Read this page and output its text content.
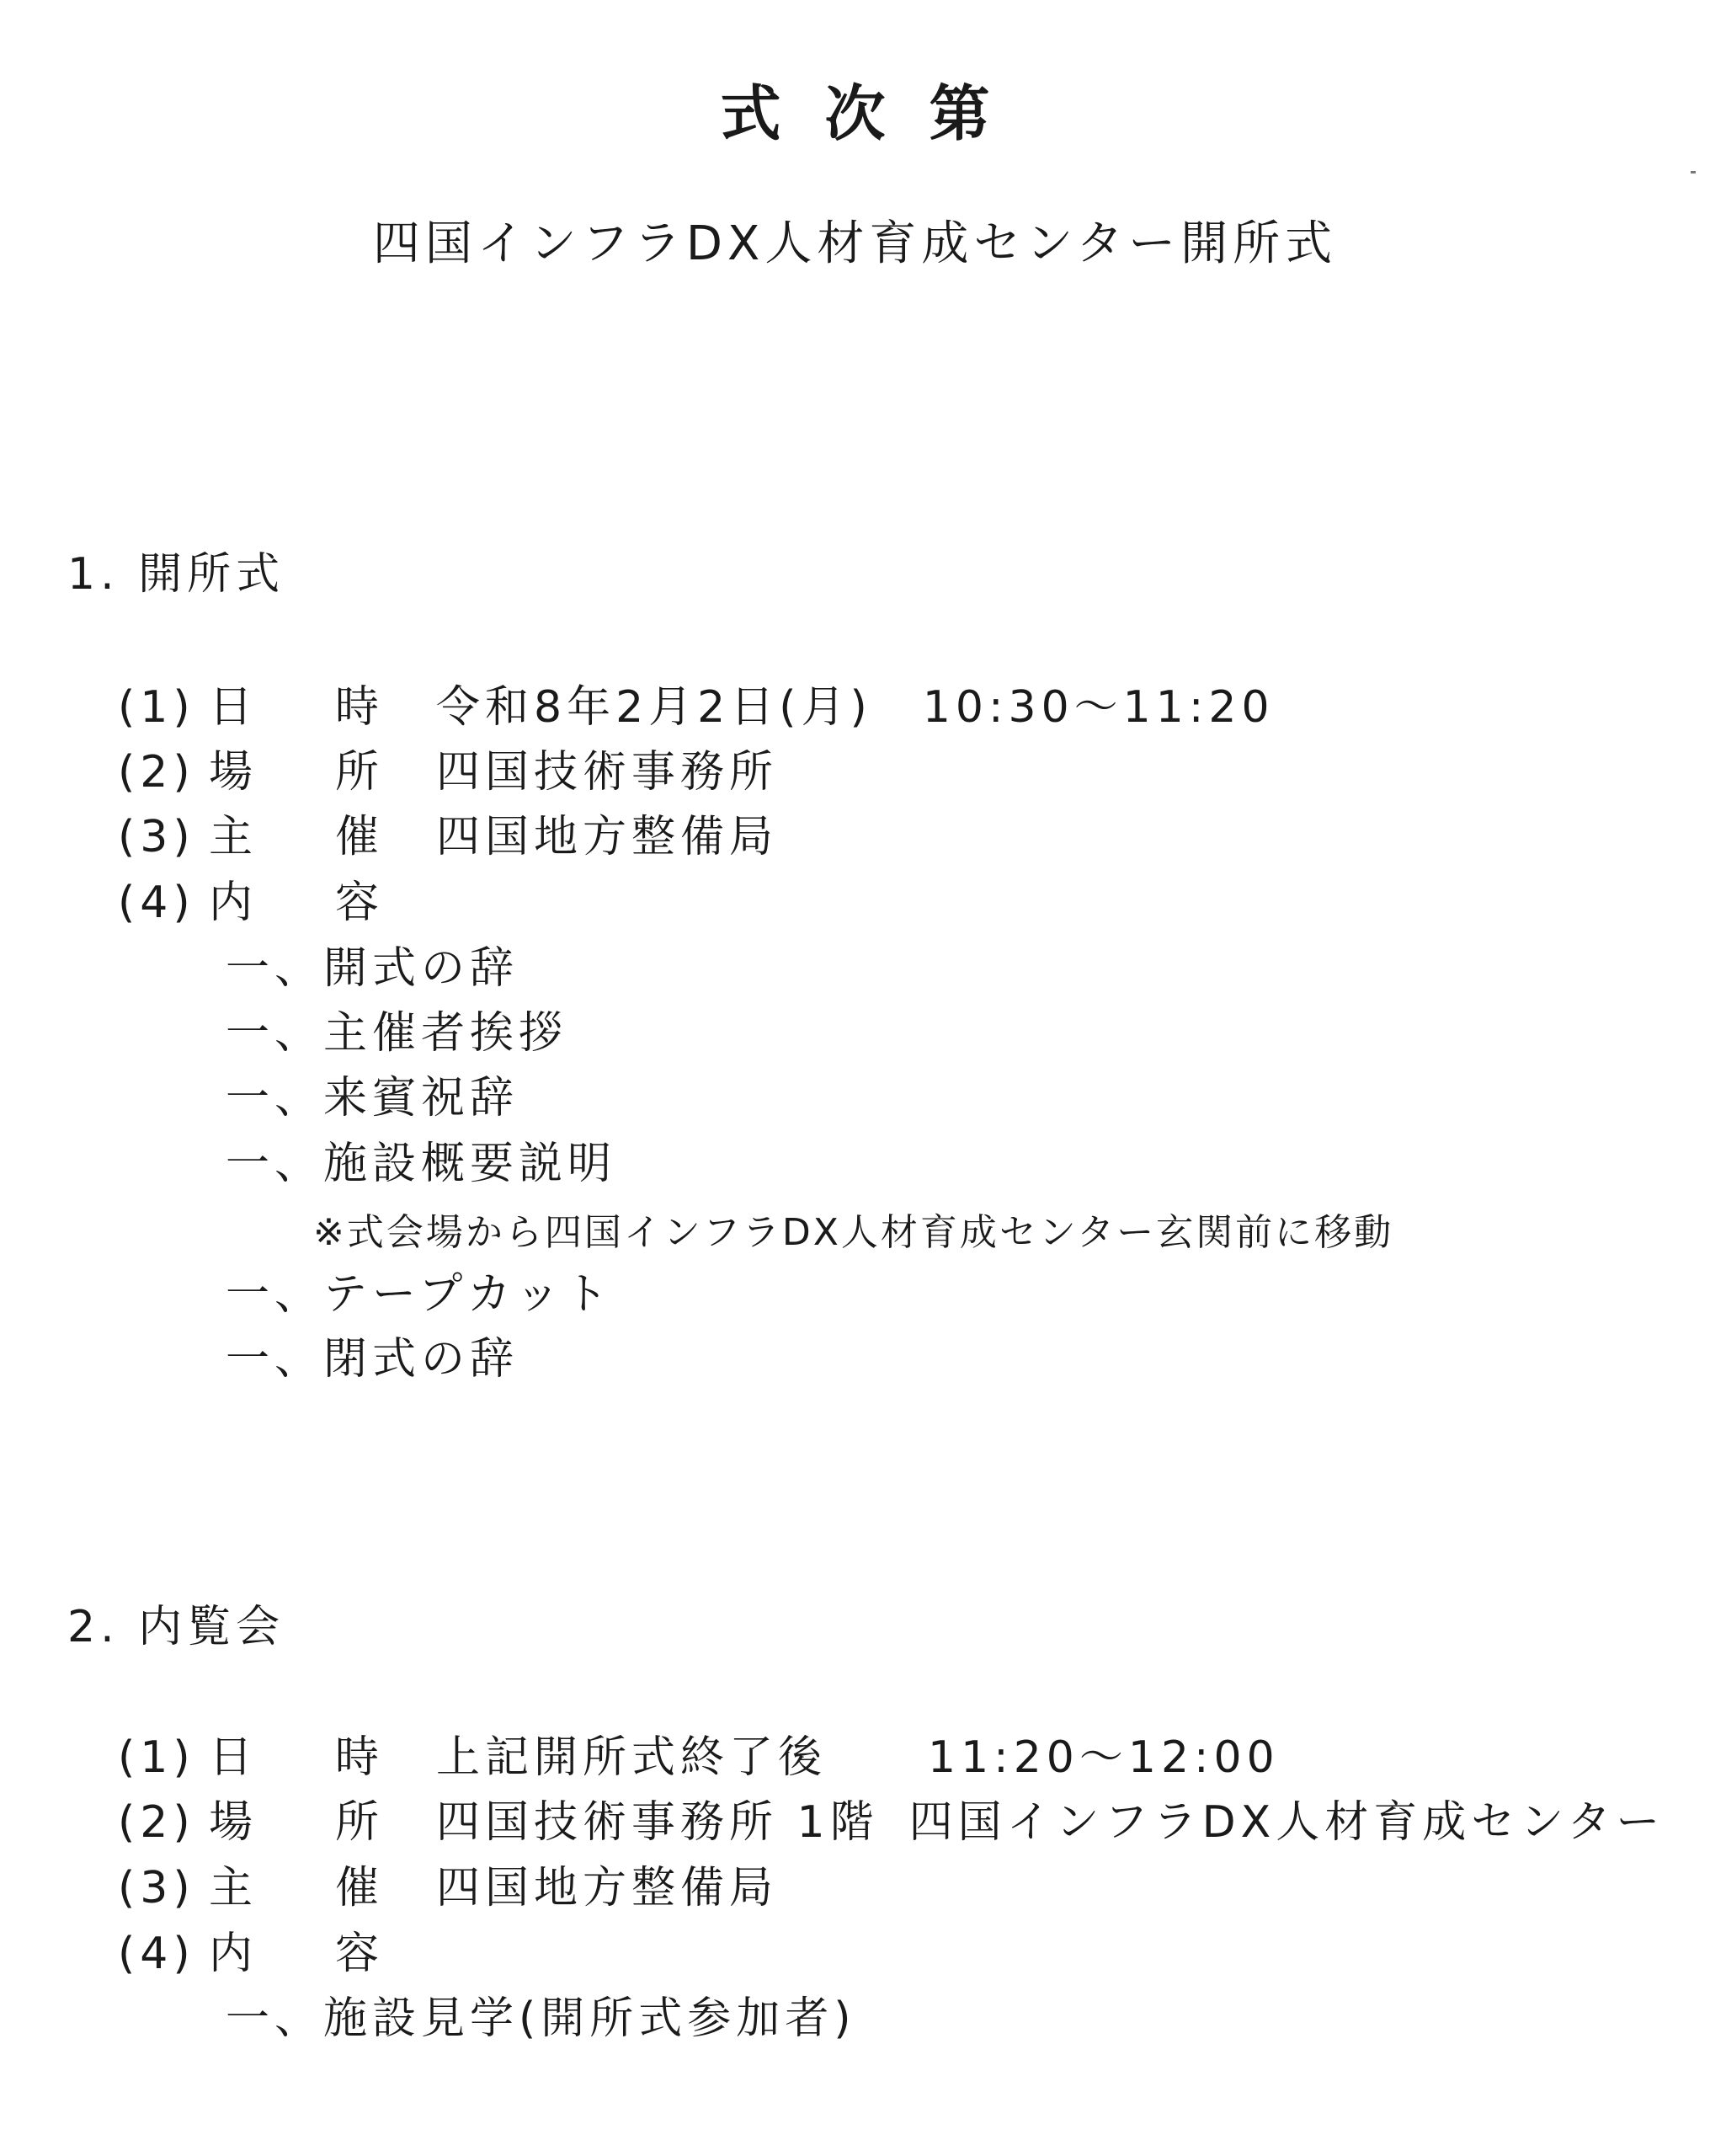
式次第
四国インフラDX人材育成センター開所式
1. 開所式
(1) 日 時 令和8年2月2日(月) 10:30〜11:20
(2) 場 所 四国技術事務所
(3) 主 催 四国地方整備局
(4) 内 容
一、開式の辞
一、主催者挨拶
一、来賓祝辞
一、施設概要説明
※式会場から四国インフラDX人材育成センター玄関前に移動
一、テープカット
一、閉式の辞
2. 内覧会
(1) 日 時 上記開所式終了後 11:20〜12:00
(2) 場 所 四国技術事務所 1階 四国インフラDX人材育成センター
(3) 主 催 四国地方整備局
(4) 内 容
一、施設見学(開所式参加者)
